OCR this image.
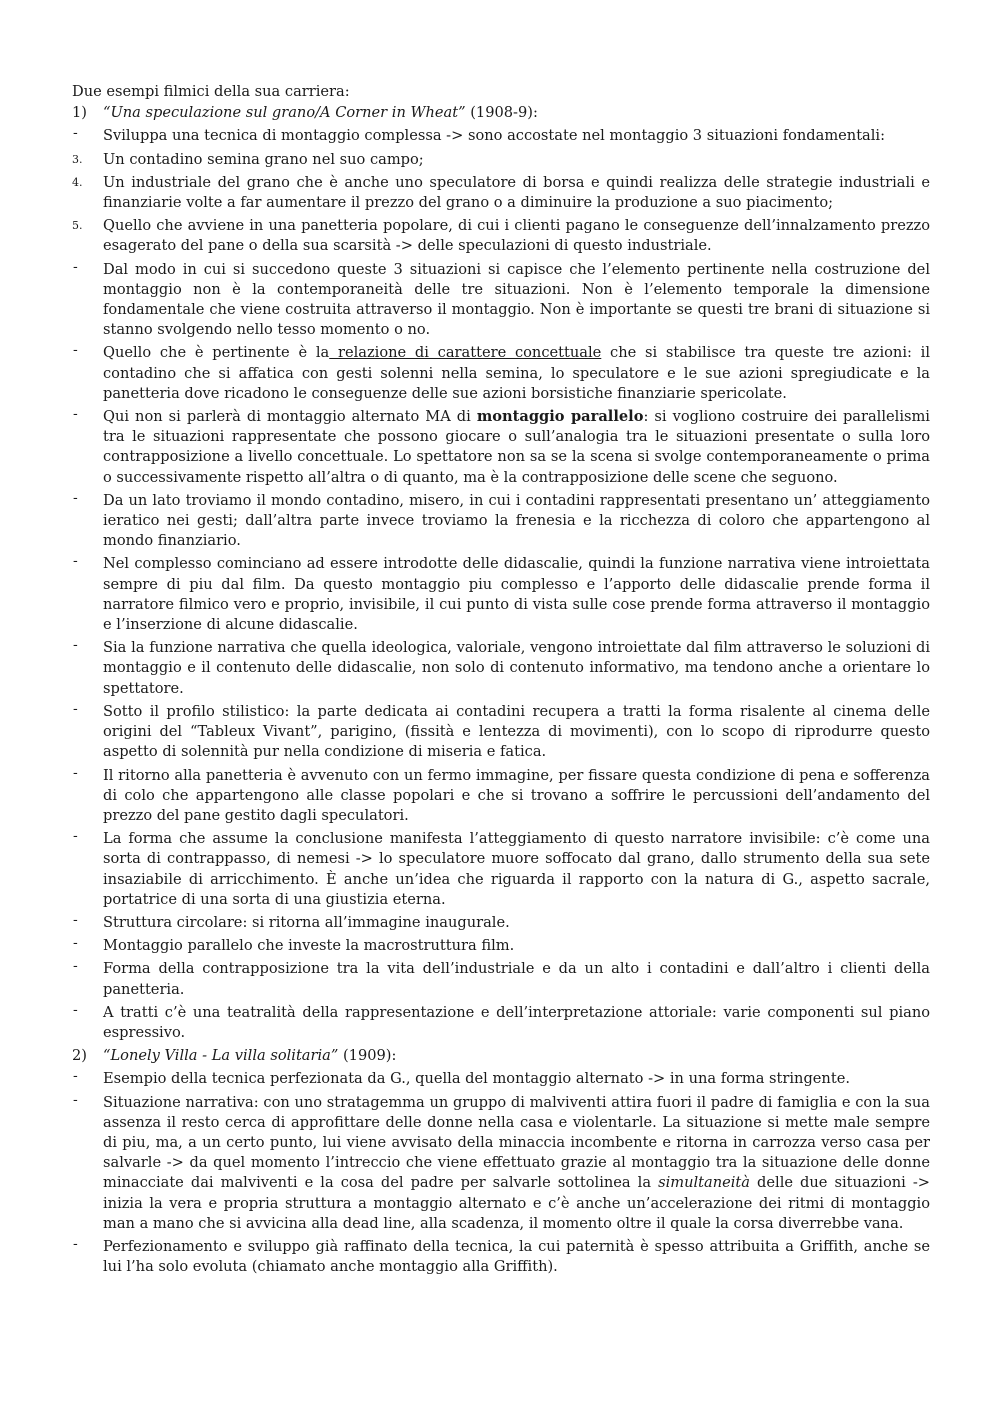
Due esempi filmici della sua carriera:
1) “Una speculazione sul grano/A Corner in Wheat” (1908-9):
- Sviluppa una tecnica di montaggio complessa -> sono accostate nel montaggio 3 situazioni fondamentali:
3. Un contadino semina grano nel suo campo;
4. Un industriale del grano che è anche uno speculatore di borsa e quindi realizza delle strategie industriali e finanziarie volte a far aumentare il prezzo del grano o a diminuire la produzione a suo piacimento;
5. Quello che avviene in una panetteria popolare, di cui i clienti pagano le conseguenze dell’innalzamento prezzo esagerato del pane o della sua scarsità -> delle speculazioni di questo industriale.
- Dal modo in cui si succedono queste 3 situazioni si capisce che l’elemento pertinente nella costruzione del montaggio non è la contemporaneità delle tre situazioni. Non è l’elemento temporale la dimensione fondamentale che viene costruita attraverso il montaggio. Non è importante se questi tre brani di situazione si stanno svolgendo nello tesso momento o no.
- Quello che è pertinente è la relazione di carattere concettuale che si stabilisce tra queste tre azioni: il contadino che si affatica con gesti solenni nella semina, lo speculatore e le sue azioni spregiudicate e la panetteria dove ricadono le conseguenze delle sue azioni borsistiche finanziarie spericolate.
- Qui non si parlerà di montaggio alternato MA di montaggio parallelo: si vogliono costruire dei parallelismi tra le situazioni rappresentate che possono giocare o sull’analogia tra le situazioni presentate o sulla loro contrapposizione a livello concettuale. Lo spettatore non sa se la scena si svolge contemporaneamente o prima o successivamente rispetto all’altra o di quanto, ma è la contrapposizione delle scene che seguono.
- Da un lato troviamo il mondo contadino, misero, in cui i contadini rappresentati presentano un’ atteggiamento ieratico nei gesti; dall’altra parte invece troviamo la frenesia e la ricchezza di coloro che appartengono al mondo finanziario.
- Nel complesso cominciano ad essere introdotte delle didascalie, quindi la funzione narrativa viene introiettata sempre di piu dal film. Da questo montaggio piu complesso e l’apporto delle didascalie prende forma il narratore filmico vero e proprio, invisibile, il cui punto di vista sulle cose prende forma attraverso il montaggio e l’inserzione di alcune didascalie.
- Sia la funzione narrativa che quella ideologica, valoriale, vengono introiettate dal film attraverso le soluzioni di montaggio e il contenuto delle didascalie, non solo di contenuto informativo, ma tendono anche a orientare lo spettatore.
- Sotto il profilo stilistico: la parte dedicata ai contadini recupera a tratti la forma risalente al cinema delle origini del “Tableux Vivant”, parigino, (fissità e lentezza di movimenti), con lo scopo di riprodurre questo aspetto di solennità pur nella condizione di miseria e fatica.
- Il ritorno alla panetteria è avvenuto con un fermo immagine, per fissare questa condizione di pena e sofferenza di colo che appartengono alle classe popolari e che si trovano a soffrire le percussioni dell’andamento del prezzo del pane gestito dagli speculatori.
- La forma che assume la conclusione manifesta l’atteggiamento di questo narratore invisibile: c’è come una sorta di contrappasso, di nemesi -> lo speculatore muore soffocato dal grano, dallo strumento della sua sete insaziabile di arricchimento. È anche un’idea che riguarda il rapporto con la natura di G., aspetto sacrale, portatrice di una sorta di una giustizia eterna.
- Struttura circolare: si ritorna all’immagine inaugurale.
- Montaggio parallelo che investe la macrostruttura film.
- Forma della contrapposizione tra la vita dell’industriale e da un alto i contadini e dall’altro i clienti della panetteria.
- A tratti c’è una teatralità della rappresentazione e dell’interpretazione attoriale: varie componenti sul piano espressivo.
2) “Lonely Villa - La villa solitaria” (1909):
- Esempio della tecnica perfezionata da G., quella del montaggio alternato -> in una forma stringente.
- Situazione narrativa: con uno stratagemma un gruppo di malviventi attira fuori il padre di famiglia e con la sua assenza il resto cerca di approfittare delle donne nella casa e violentarle. La situazione si mette male sempre di piu, ma, a un certo punto, lui viene avvisato della minaccia incombente e ritorna in carrozza verso casa per salvarle -> da quel momento l’intreccio che viene effettuato grazie al montaggio tra la situazione delle donne minacciate dai malviventi e la cosa del padre per salvarle sottolinea la simultaneità delle due situazioni -> inizia la vera e propria struttura a montaggio alternato e c’è anche un’accelerazione dei ritmi di montaggio man a mano che si avvicina alla dead line, alla scadenza, il momento oltre il quale la corsa diverrebbe vana.
- Perfezionamento e sviluppo già raffinato della tecnica, la cui paternità è spesso attribuita a Griffith, anche se lui l’ha solo evoluta (chiamato anche montaggio alla Griffith).
